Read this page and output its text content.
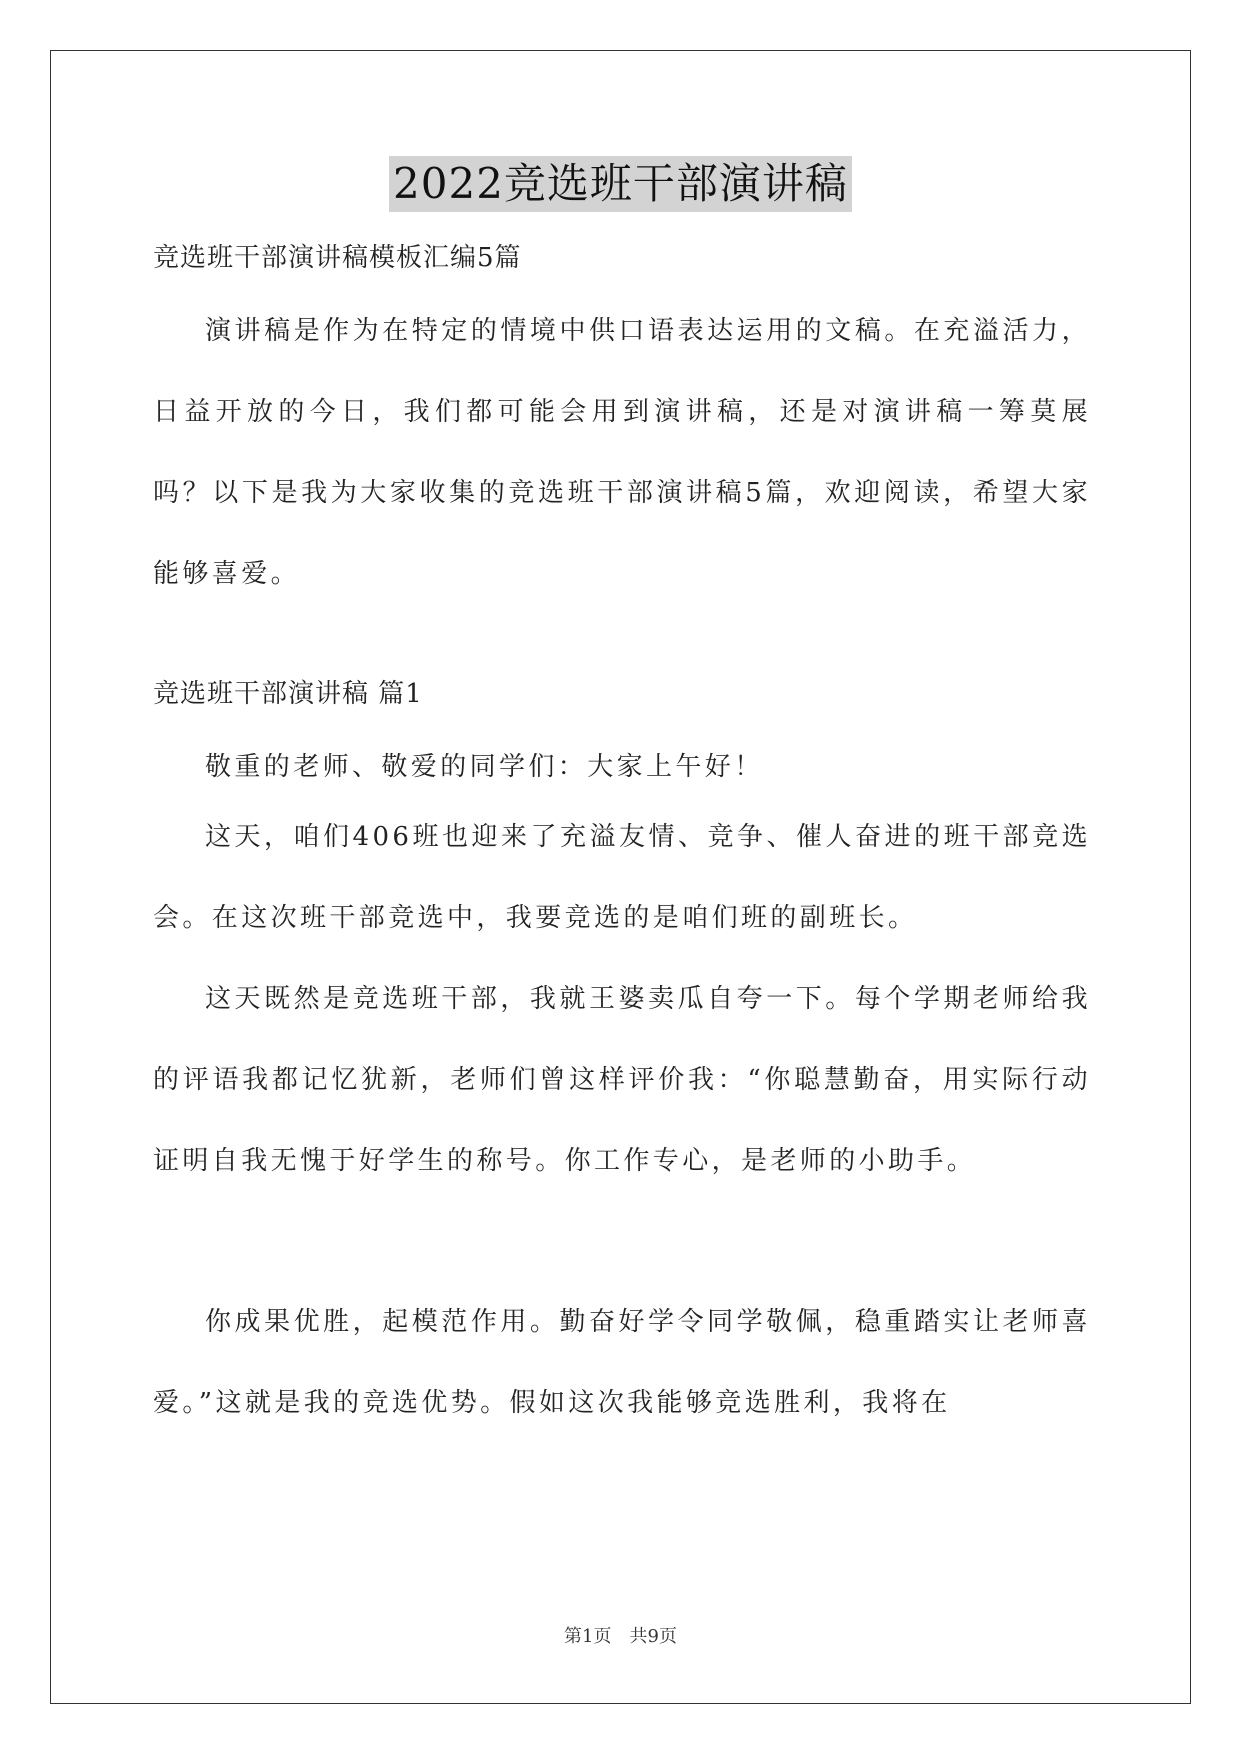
2022竞选班干部演讲稿
竞选班干部演讲稿模板汇编5篇

演讲稿是作为在特定的情境中供口语表达运用的文稿。在充溢活力，日益开放的今日，我们都可能会用到演讲稿，还是对演讲稿一筹莫展吗？以下是我为大家收集的竞选班干部演讲稿5篇，欢迎阅读，希望大家能够喜爱。

竞选班干部演讲稿 篇1

敬重的老师、敬爱的同学们：大家上午好！

这天，咱们406班也迎来了充溢友情、竞争、催人奋进的班干部竞选会。在这次班干部竞选中，我要竞选的是咱们班的副班长。

这天既然是竞选班干部，我就王婆卖瓜自夸一下。每个学期老师给我的评语我都记忆犹新，老师们曾这样评价我：“你聪慧勤奋，用实际行动证明自我无愧于好学生的称号。你工作专心，是老师的小助手。

你成果优胜，起模范作用。勤奋好学令同学敬佩，稳重踏实让老师喜爱。”这就是我的竞选优势。假如这次我能够竞选胜利，我将在

第1页　共9页
